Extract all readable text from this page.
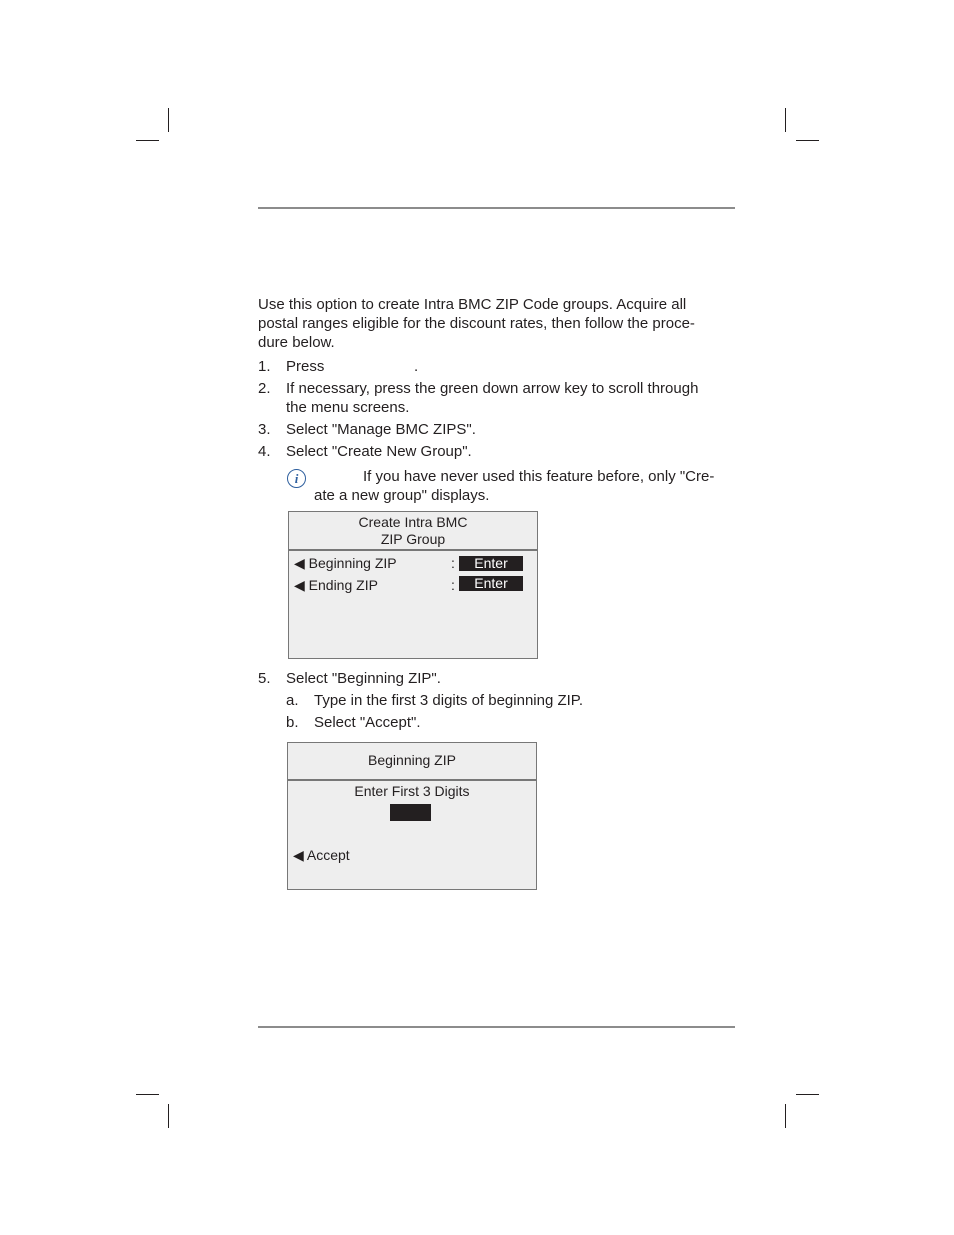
Use this option to create Intra BMC ZIP Code groups. Acquire all
postal ranges eligible for the discount rates, then follow the proce-
dure below.
1. Press	.
2. If necessary, press the green down arrow key to scroll through
the menu screens.
3. Select "Manage BMC ZIPS".
4. Select "Create New Group".
i	If you have never used this feature before, only "Cre-
ate a new group" displays.
Create Intra BMC
ZIP Group
◀ Beginning ZIP	:	Enter
◀ Ending ZIP	:	Enter
5. Select "Beginning ZIP".
a. Type in the first 3 digits of beginning ZIP.
b. Select "Accept".
Beginning ZIP
Enter First 3 Digits
◀ Accept
